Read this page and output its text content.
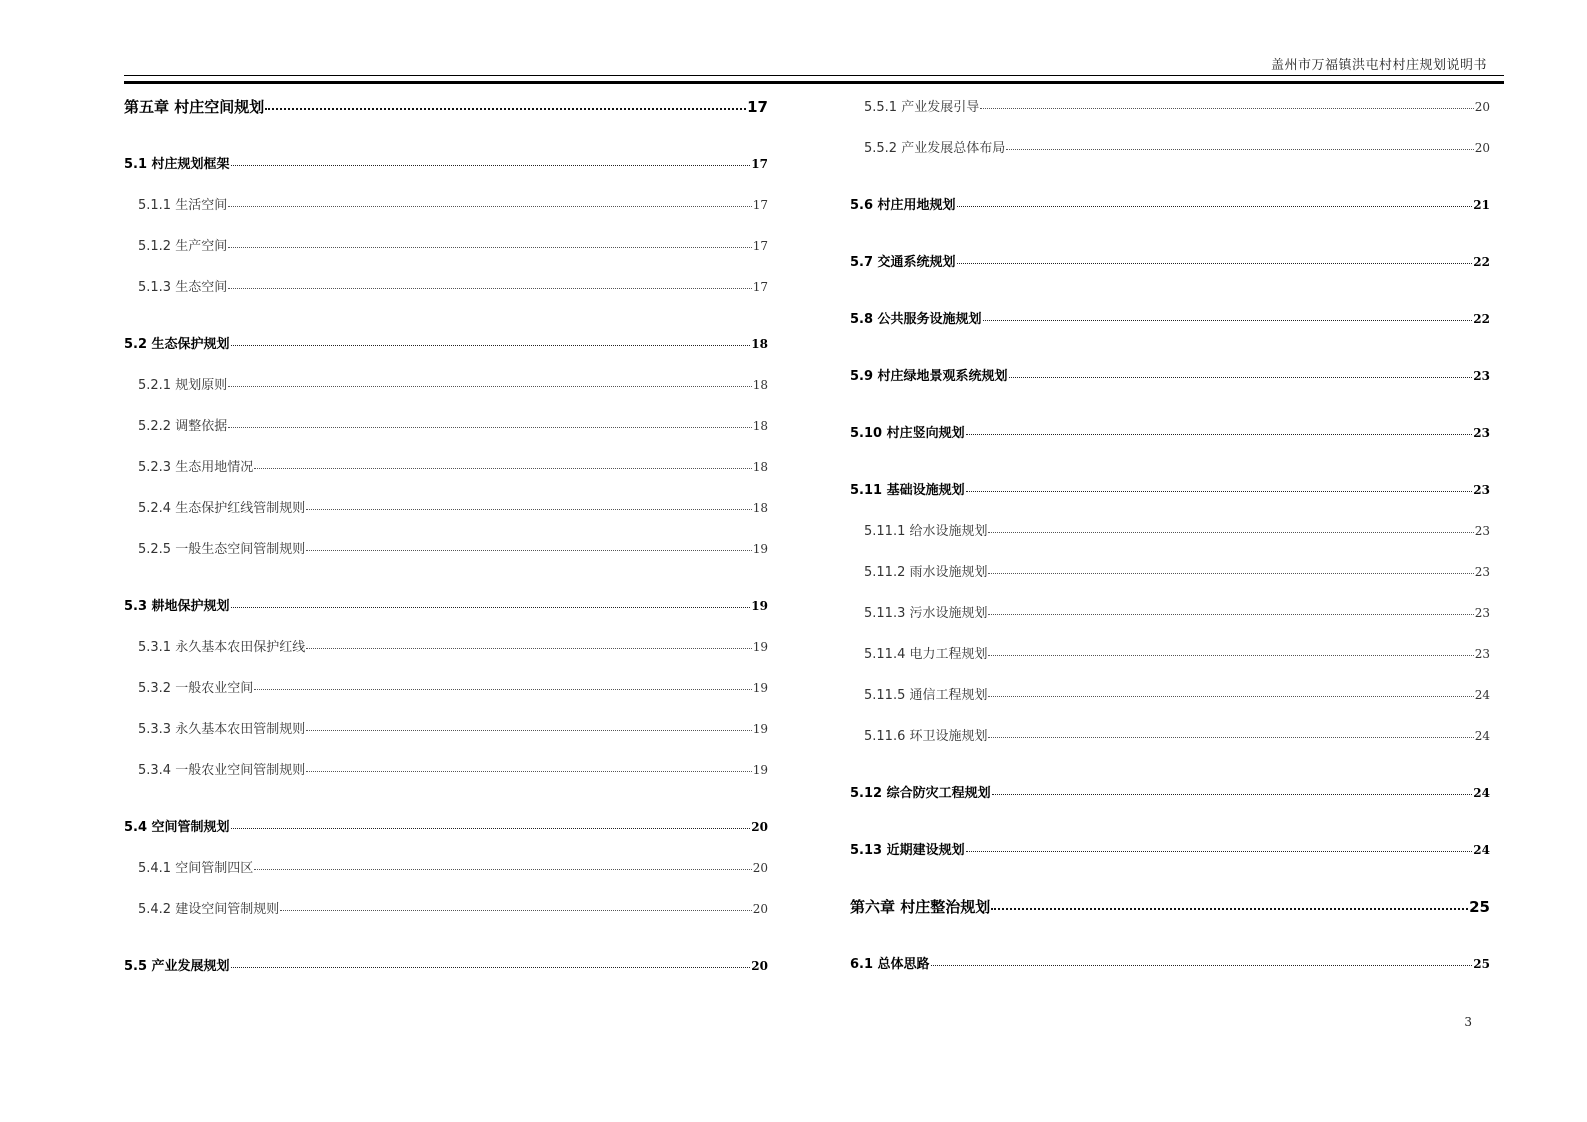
盖州市万福镇洪屯村村庄规划说明书
第五章 村庄空间规划	17
5.1 村庄规划框架	17
5.1.1 生活空间	17
5.1.2 生产空间	17
5.1.3 生态空间	17
5.2 生态保护规划	18
5.2.1 规划原则	18
5.2.2 调整依据	18
5.2.3 生态用地情况	18
5.2.4 生态保护红线管制规则	18
5.2.5 一般生态空间管制规则	19
5.3 耕地保护规划	19
5.3.1 永久基本农田保护红线	19
5.3.2 一般农业空间	19
5.3.3 永久基本农田管制规则	19
5.3.4 一般农业空间管制规则	19
5.4 空间管制规划	20
5.4.1 空间管制四区	20
5.4.2 建设空间管制规则	20
5.5 产业发展规划	20
5.5.1 产业发展引导	20
5.5.2 产业发展总体布局	20
5.6 村庄用地规划	21
5.7 交通系统规划	22
5.8 公共服务设施规划	22
5.9 村庄绿地景观系统规划	23
5.10 村庄竖向规划	23
5.11 基础设施规划	23
5.11.1 给水设施规划	23
5.11.2 雨水设施规划	23
5.11.3 污水设施规划	23
5.11.4 电力工程规划	23
5.11.5 通信工程规划	24
5.11.6 环卫设施规划	24
5.12 综合防灾工程规划	24
5.13 近期建设规划	24
第六章 村庄整治规划	25
6.1 总体思路	25
3
